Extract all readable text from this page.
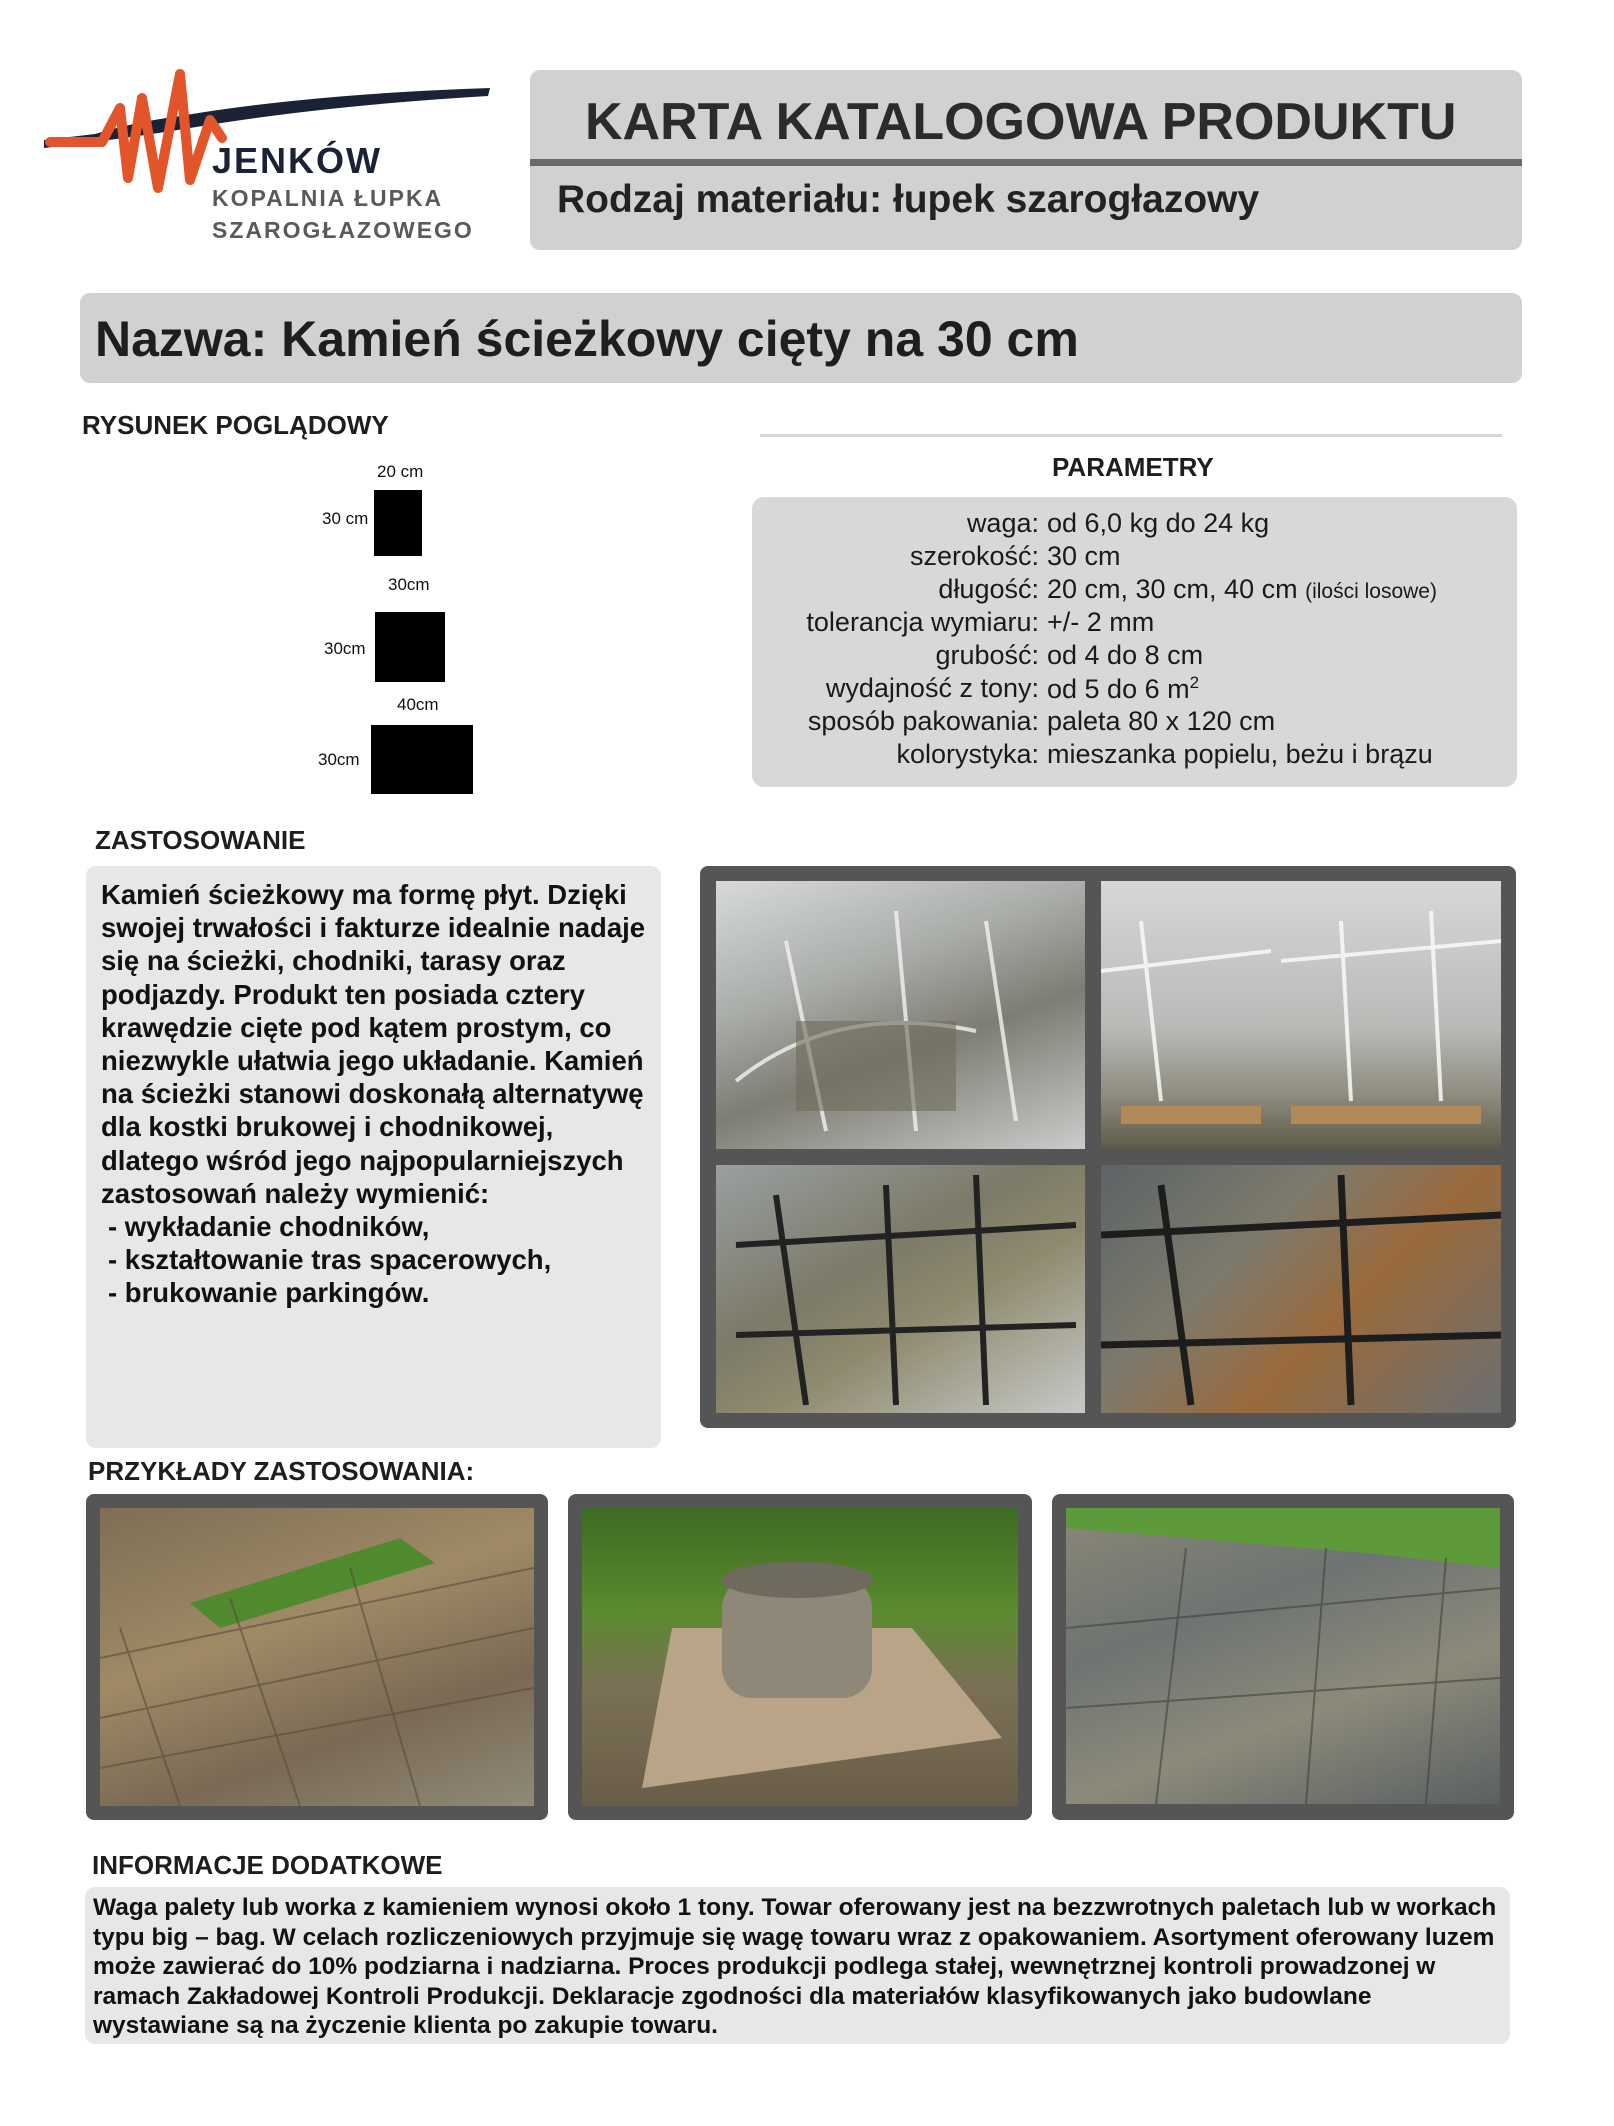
JENKÓW
KOPALNIA ŁUPKA
SZAROGŁAZOWEGO
KARTA KATALOGOWA PRODUKTU
Rodzaj materiału: łupek szarogłazowy
Nazwa: Kamień ścieżkowy cięty na 30 cm
RYSUNEK POGLĄDOWY
20 cm
30 cm
30cm
30cm
40cm
30cm
PARAMETRY
waga: od 6,0 kg do 24 kg
szerokość: 30 cm
długość: 20 cm, 30 cm, 40 cm (ilości losowe)
tolerancja wymiaru: +/- 2 mm
grubość: od 4 do 8 cm
wydajność z tony: od 5 do 6 $m^2$
sposób pakowania: paleta 80 x 120 cm
kolorystyka: mieszanka popielu, beżu i brązu
ZASTOSOWANIE

Kamień ścieżkowy ma formę płyt. Dzięki swojej trwałości i fakturze idealnie nadaje się na ścieżki, chodniki, tarasy oraz podjazdy. Produkt ten posiada cztery krawędzie cięte pod kątem prostym, co niezwykle ułatwia jego układanie. Kamień na ścieżki stanowi doskonałą alternatywę dla kostki brukowej i chodnikowej, dlatego wśród jego najpopularniejszych zastosowań należy wymienić:
- wykładanie chodników,
- kształtowanie tras spacerowych,
- brukowanie parkingów.

PRZYKŁADY ZASTOSOWANIA:
INFORMACJE DODATKOWE

Waga palety lub worka z kamieniem wynosi około 1 tony. Towar oferowany jest na bezzwrotnych paletach lub w workach typu big – bag. W celach rozliczeniowych przyjmuje się wagę towaru wraz z opakowaniem. Asortyment oferowany luzem może zawierać do 10% podziarna i nadziarna. Proces produkcji podlega stałej, wewnętrznej kontroli prowadzonej w ramach Zakładowej Kontroli Produkcji. Deklaracje zgodności dla materiałów klasyfikowanych jako budowlane wystawiane są na życzenie klienta po zakupie towaru.
